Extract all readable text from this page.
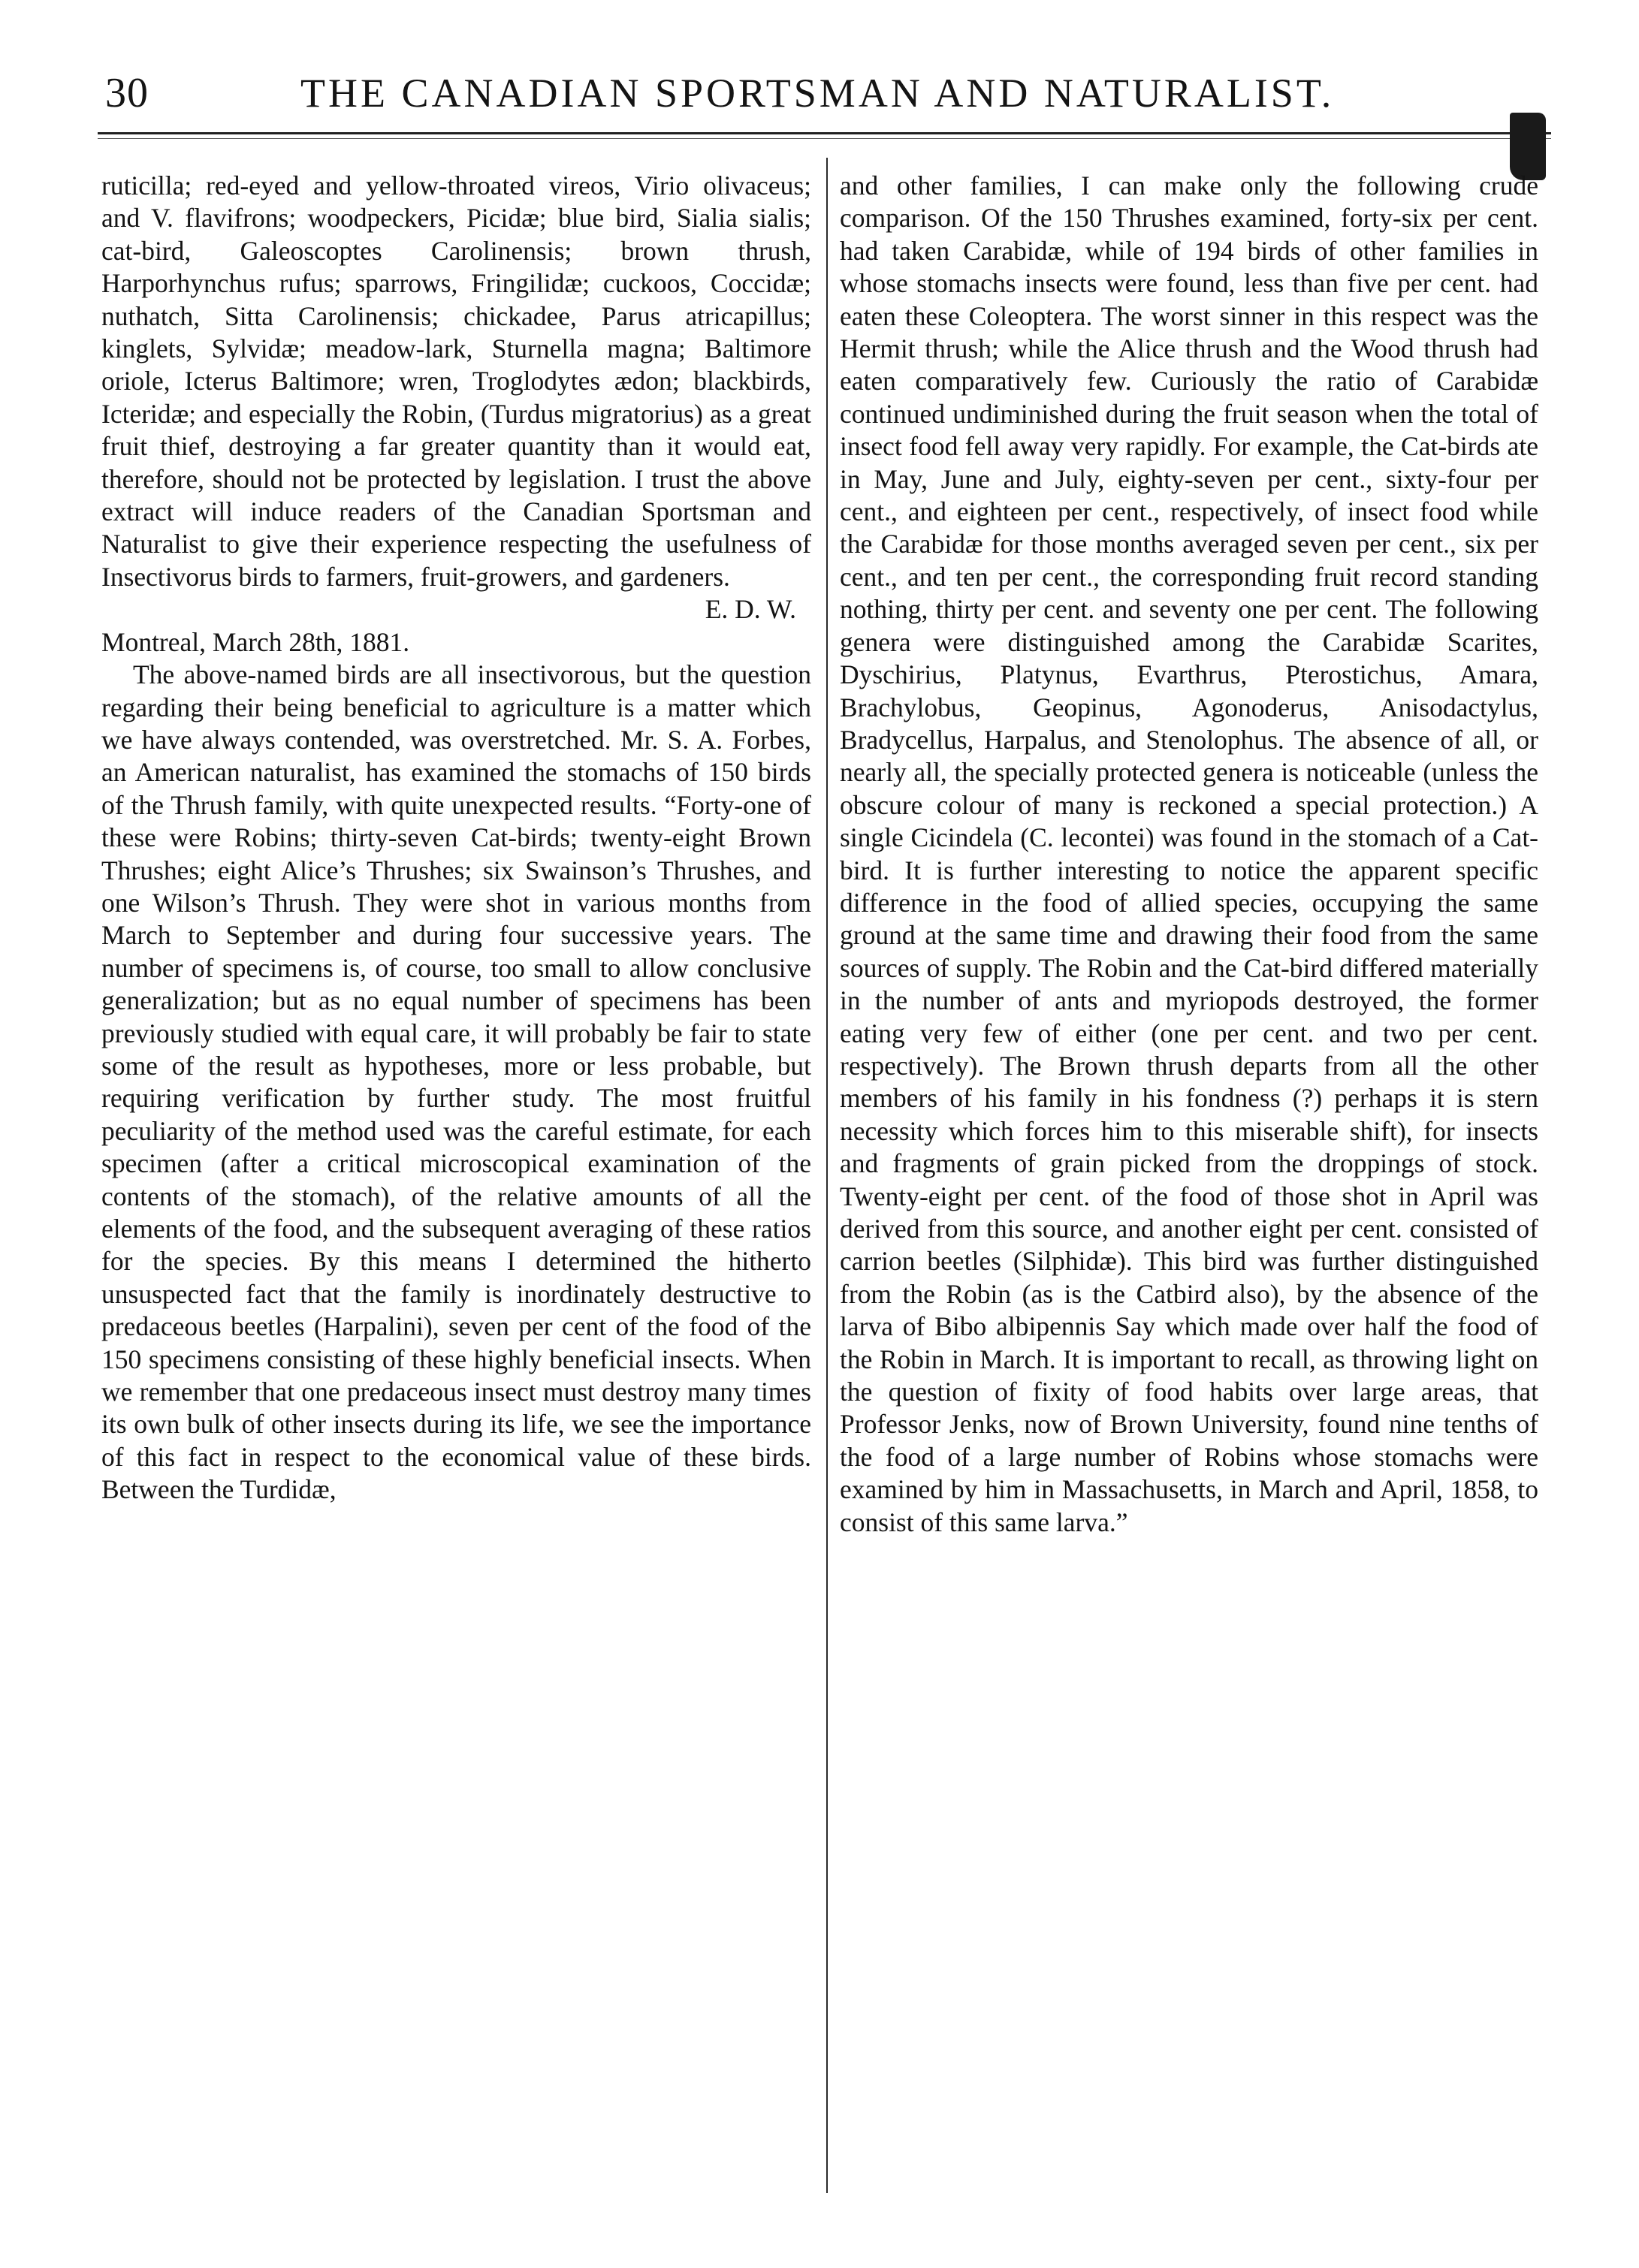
30	THE CANADIAN SPORTSMAN AND NATURALIST.

ruticilla; red-eyed and yellow-throated vireos, Virio olivaceus; and V. flavifrons; woodpeckers, Picidæ; blue bird, Sialia sialis; cat-bird, Galeoscoptes Carolinensis; brown thrush, Harporhynchus rufus; sparrows, Fringilidæ; cuckoos, Coccidæ; nuthatch, Sitta Carolinensis; chickadee, Parus atricapillus; kinglets, Sylvidæ; meadow-lark, Sturnella magna; Baltimore oriole, Icterus Baltimore; wren, Troglodytes ædon; blackbirds, Icteridæ; and especially the Robin, (Turdus migratorius) as a great fruit thief, destroying a far greater quantity than it would eat, therefore, should not be protected by legislation. I trust the above extract will induce readers of the Canadian Sportsman and Naturalist to give their experience respecting the usefulness of Insectivorus birds to farmers, fruit-growers, and gardeners.

E. D. W.

Montreal, March 28th, 1881.

The above-named birds are all insectivorous, but the question regarding their being beneficial to agriculture is a matter which we have always contended, was overstretched. Mr. S. A. Forbes, an American naturalist, has examined the stomachs of 150 birds of the Thrush family, with quite unexpected results. “Forty-one of these were Robins; thirty-seven Cat-birds; twenty-eight Brown Thrushes; eight Alice’s Thrushes; six Swainson’s Thrushes, and one Wilson’s Thrush. They were shot in various months from March to September and during four successive years. The number of specimens is, of course, too small to allow conclusive generalization; but as no equal number of specimens has been previously studied with equal care, it will probably be fair to state some of the result as hypotheses, more or less probable, but requiring verification by further study. The most fruitful peculiarity of the method used was the careful estimate, for each specimen (after a critical microscopical examination of the contents of the stomach), of the relative amounts of all the elements of the food, and the subsequent averaging of these ratios for the species. By this means I determined the hitherto unsuspected fact that the family is inordinately destructive to predaceous beetles (Harpalini), seven per cent of the food of the 150 specimens consisting of these highly beneficial insects. When we remember that one predaceous insect must destroy many times its own bulk of other insects during its life, we see the importance of this fact in respect to the economical value of these birds. Between the Turdidæ,

and other families, I can make only the following crude comparison. Of the 150 Thrushes examined, forty-six per cent. had taken Carabidæ, while of 194 birds of other families in whose stomachs insects were found, less than five per cent. had eaten these Coleoptera. The worst sinner in this respect was the Hermit thrush; while the Alice thrush and the Wood thrush had eaten comparatively few. Curiously the ratio of Carabidæ continued undiminished during the fruit season when the total of insect food fell away very rapidly. For example, the Cat-birds ate in May, June and July, eighty-seven per cent., sixty-four per cent., and eighteen per cent., respectively, of insect food while the Carabidæ for those months averaged seven per cent., six per cent., and ten per cent., the corresponding fruit record standing nothing, thirty per cent. and seventy one per cent. The following genera were distinguished among the Carabidæ Scarites, Dyschirius, Platynus, Evarthrus, Pterostichus, Amara, Brachylobus, Geopinus, Agonoderus, Anisodactylus, Bradycellus, Harpalus, and Stenolophus. The absence of all, or nearly all, the specially protected genera is noticeable (unless the obscure colour of many is reckoned a special protection.) A single Cicindela (C. lecontei) was found in the stomach of a Cat-bird. It is further interesting to notice the apparent specific difference in the food of allied species, occupying the same ground at the same time and drawing their food from the same sources of supply. The Robin and the Cat-bird differed materially in the number of ants and myriopods destroyed, the former eating very few of either (one per cent. and two per cent. respectively). The Brown thrush departs from all the other members of his family in his fondness (?) perhaps it is stern necessity which forces him to this miserable shift), for insects and fragments of grain picked from the droppings of stock. Twenty-eight per cent. of the food of those shot in April was derived from this source, and another eight per cent. consisted of carrion beetles (Silphidæ). This bird was further distinguished from the Robin (as is the Catbird also), by the absence of the larva of Bibo albipennis Say which made over half the food of the Robin in March. It is important to recall, as throwing light on the question of fixity of food habits over large areas, that Professor Jenks, now of Brown University, found nine tenths of the food of a large number of Robins whose stomachs were examined by him in Massachusetts, in March and April, 1858, to consist of this same larva.”
